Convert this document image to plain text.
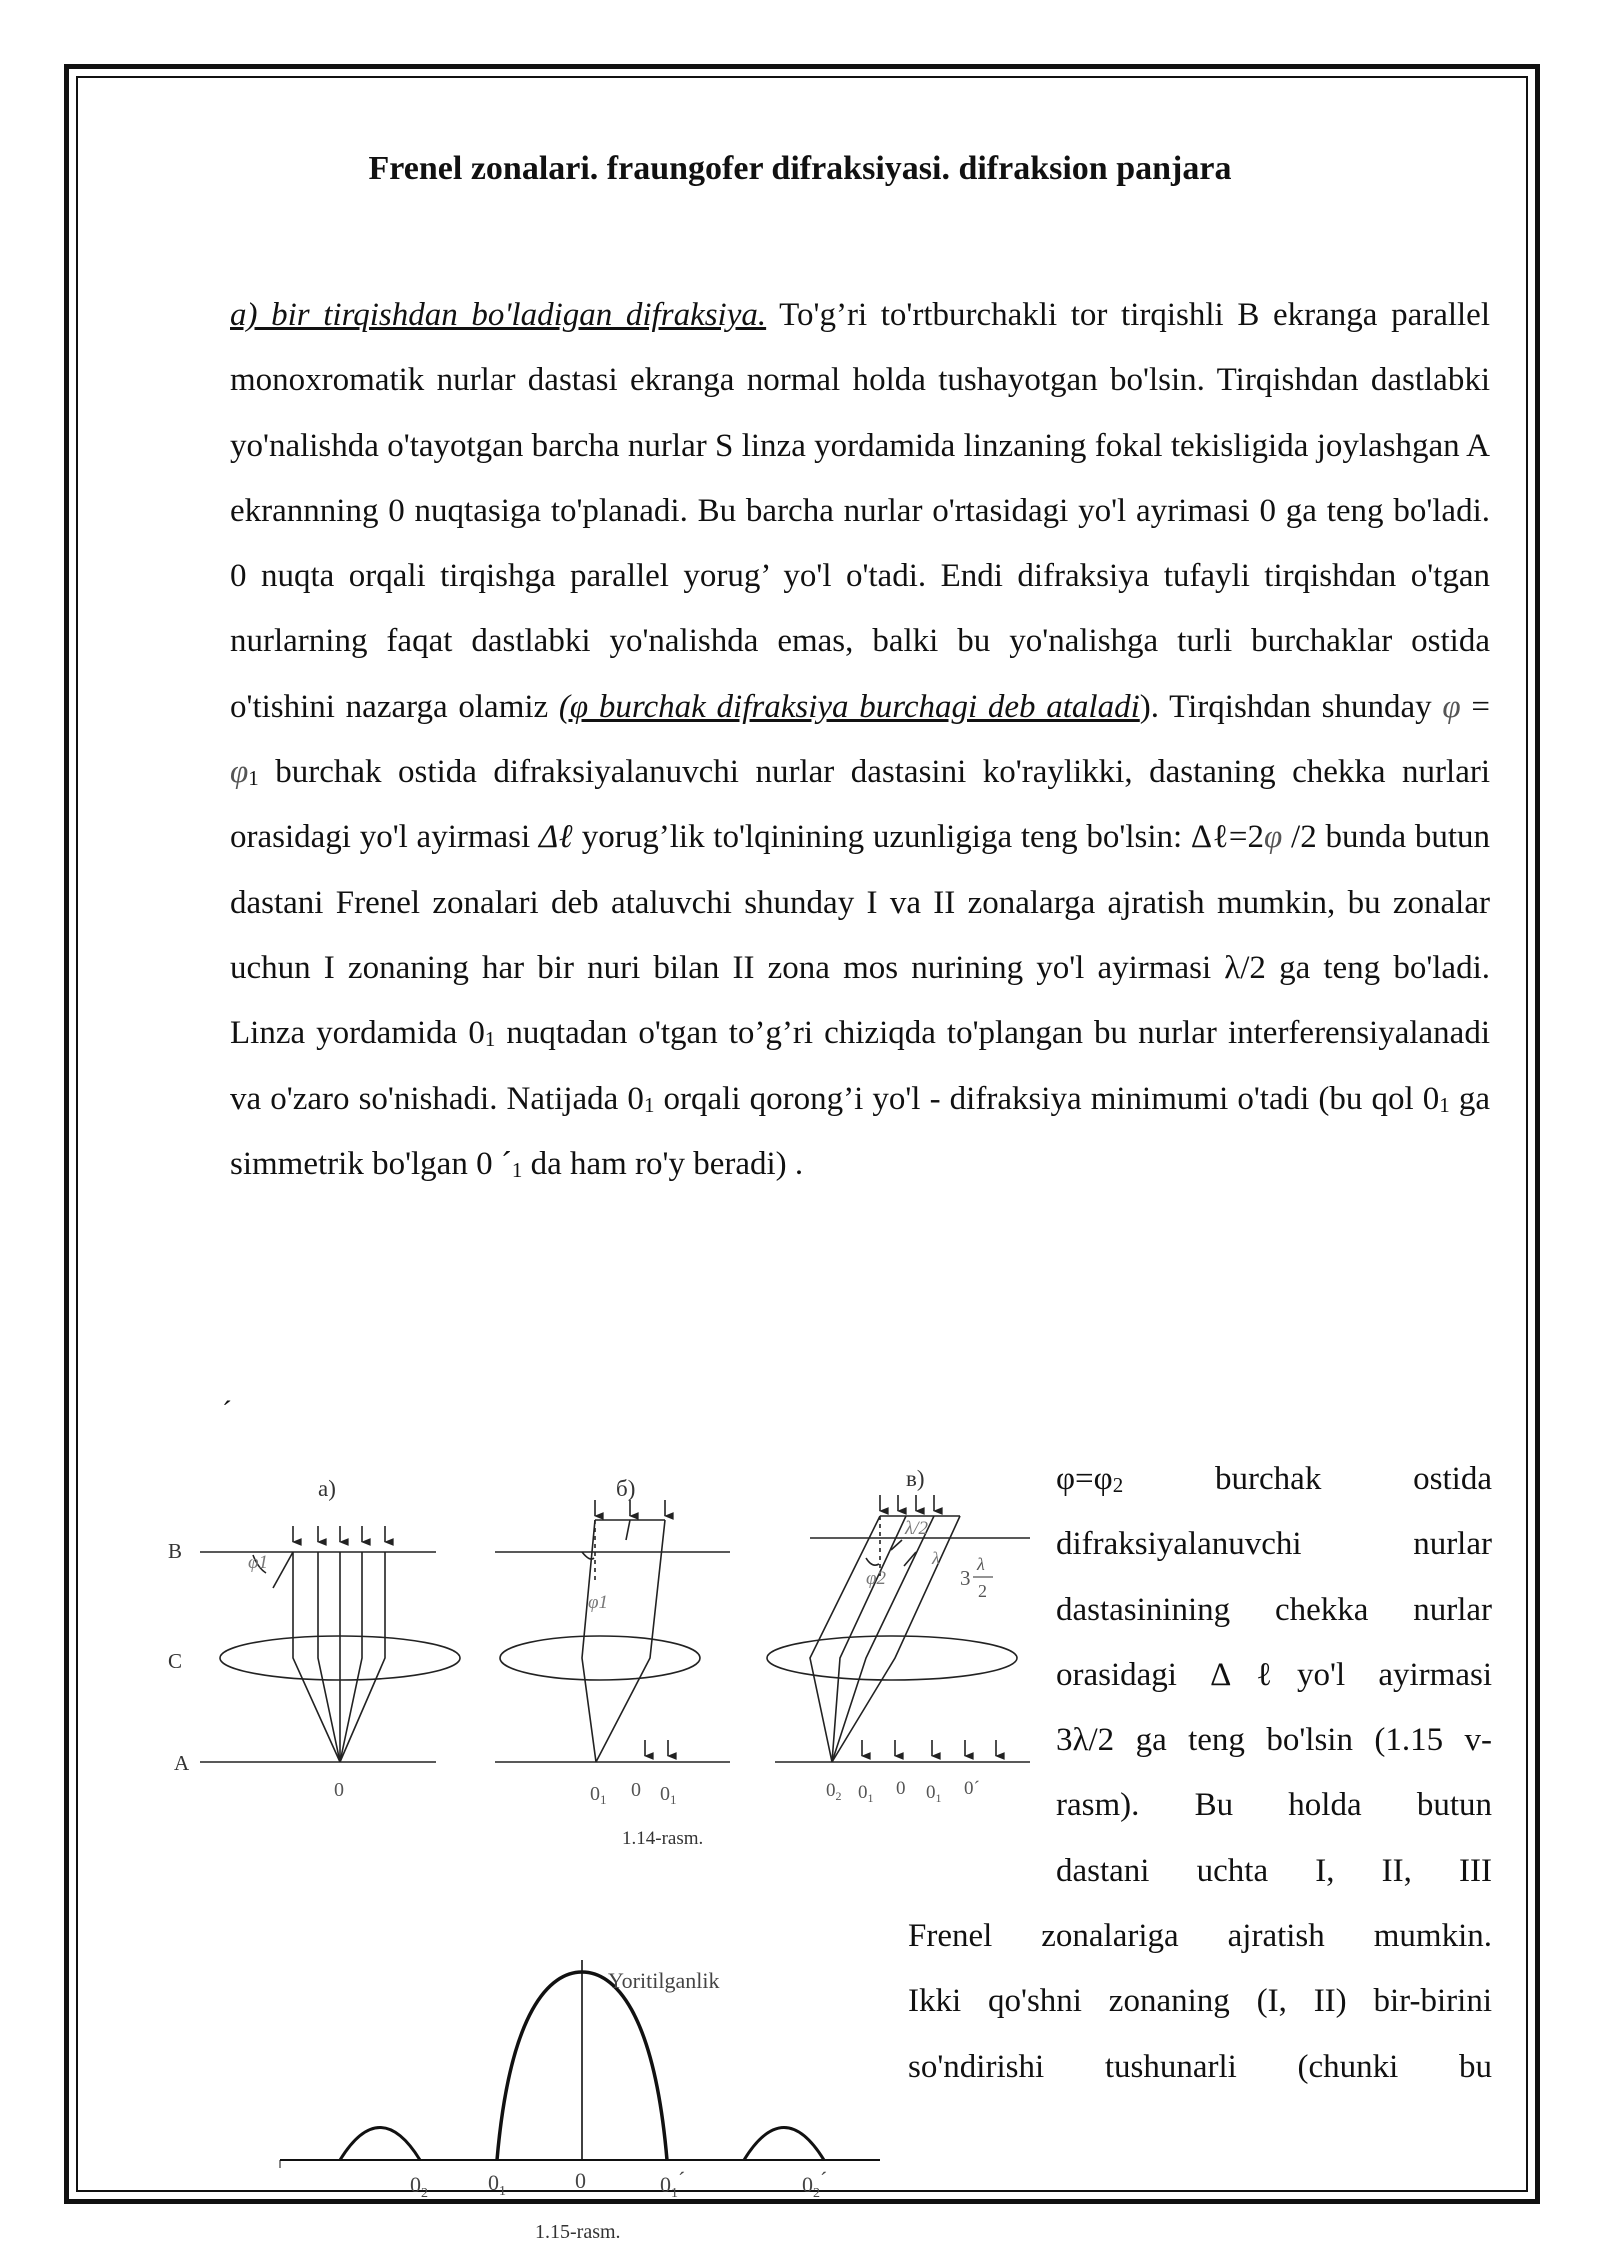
Frenel zonalari. fraungofer difraksiyasi. difraksion panjara
a) bir tirqishdan bo'ladigan difraksiya. To'g’ri to'rtburchakli tor tirqishli B ekranga parallel monoxromatik nurlar dastasi ekranga normal holda tushayotgan bo'lsin. Tirqishdan dastlabki yo'nalishda o'tayotgan barcha nurlar S linza yordamida linzaning fokal tekisligida joylashgan A ekrannning 0 nuqtasiga to'planadi. Bu barcha nurlar o'rtasidagi yo'l ayrimasi 0 ga teng bo'ladi. 0 nuqta orqali tirqishga parallel yorug’ yo'l o'tadi. Endi difraksiya tufayli tirqishdan o'tgan nurlarning faqat dastlabki yo'nalishda emas, balki bu yo'nalishga turli burchaklar ostida o'tishini nazarga olamiz (φ burchak difraksiya burchagi deb ataladi). Tirqishdan shunday $\varphi = \varphi_1$ burchak ostida difraksiyalanuvchi nurlar dastasini ko'raylikki, dastaning chekka nurlari orasidagi yo'l ayirmasi Δℓ yorug’lik to'lqinining uzunligiga teng bo'lsin: Δℓ=2φ /2 bunda butun dastani Frenel zonalari deb ataluvchi shunday I va II zonalarga ajratish mumkin, bu zonalar uchun I zonaning har bir nuri bilan II zona mos nurining yo'l ayirmasi λ/2 ga teng bo'ladi. Linza yordamida $0_1$ nuqtadan o'tgan to’g’ri chiziqda to'plangan bu nurlar interferensiyalanadi va o'zaro so'nishadi. Natijada $0_1$ orqali qorong’i yo'l - difraksiya minimumi o'tadi (bu qol $0_1$ ga simmetrik bo'lgan 0 $´_1$ da ham ro'y beradi) .
´
$\varphi=\varphi_2$ burchak ostida
difraksiyalanuvchi nurlar
dastasinining chekka nurlar
orasidagi Δℓyo'l ayirmasi
3λ/2 ga teng bo'lsin (1.15 v-
rasm). Bu holda butun
dastani uchta I, II, III
Frenel zonalariga ajratish mumkin.
Ikki qo'shni zonaning (I, II) bir-birini
so'ndirishi tushunarli (chunki bu
а)	б)	в)
B
C
A
φ1
φ1
φ2
λ/2
λ
3
λ
2
0	$0_1$ 0 $0_1$	$0_2$ $0_1$ 0 $0_1$ 0´
1.14-rasm.
Yoritilganlik
$0_2$	$0_1$	0	$0_1´$	$0_2´$
1.15-rasm.
